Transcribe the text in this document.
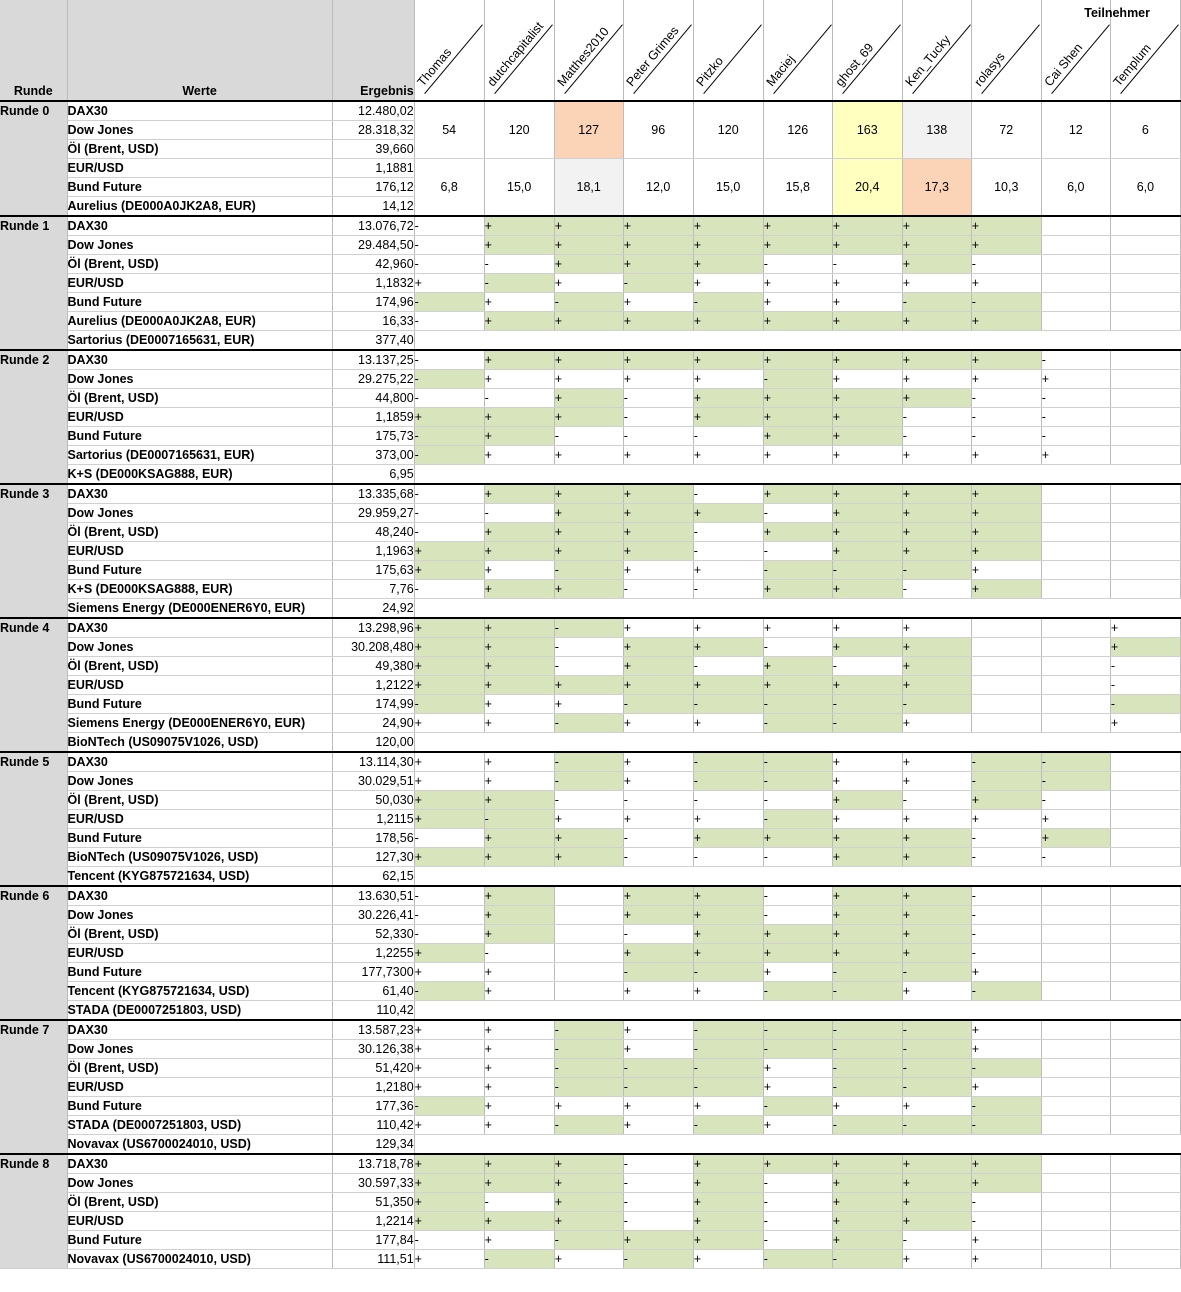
Runde	Werte	Ergebnis	Thomas	dutchcapitalist	Matthes2010	Peter Grimes	Pitzko	Maciej	ghost_69	Ken_Tucky	rolasys	Cai Shen	Templum
Teilnehmer

Runde 0	DAX30	12.480,02	54	120	127	96	120	126	163	138	72	12	6
	Dow Jones	28.318,32											
	Öl (Brent, USD)	39,660											
	EUR/USD	1,1881	6,8	15,0	18,1	12,0	15,0	15,8	20,4	17,3	10,3	6,0	6,0
	Bund Future	176,12											
	Aurelius (DE000A0JK2A8, EUR)	14,12											
Runde 1	DAX30	13.076,72	-	+	+	+	+	+	+	+	+		
	Dow Jones	29.484,50	-	+	+	+	+	+	+	+	+		
	Öl (Brent, USD)	42,960	-	-	+	+	+	-	-	+	-		
	EUR/USD	1,1832	+	-	+	-	+	+	+	+	+		
	Bund Future	174,96	-	+	-	+	-	+	+	-	-		
	Aurelius (DE000A0JK2A8, EUR)	16,33	-	+	+	+	+	+	+	+	+		
	Sartorius (DE0007165631, EUR)	377,40											
Runde 2	DAX30	13.137,25	-	+	+	+	+	+	+	+	+	-	
	Dow Jones	29.275,22	-	+	+	+	+	-	+	+	+	+	
	Öl (Brent, USD)	44,800	-	-	+	-	+	+	+	+	-	-	
	EUR/USD	1,1859	+	+	+	-	+	+	+	-	-	-	
	Bund Future	175,73	-	+	-	-	-	+	+	-	-	-	
	Sartorius (DE0007165631, EUR)	373,00	-	+	+	+	+	+	+	+	+	+	
	K+S (DE000KSAG888, EUR)	6,95											
Runde 3	DAX30	13.335,68	-	+	+	+	-	+	+	+	+		
	Dow Jones	29.959,27	-	-	+	+	+	-	+	+	+		
	Öl (Brent, USD)	48,240	-	+	+	+	-	+	+	+	+		
	EUR/USD	1,1963	+	+	+	+	-	-	+	+	+		
	Bund Future	175,63	+	+	-	+	+	-	-	-	+		
	K+S (DE000KSAG888, EUR)	7,76	-	+	+	-	-	+	+	-	+		
	Siemens Energy (DE000ENER6Y0, EUR)	24,92											
Runde 4	DAX30	13.298,96	+	+	-	+	+	+	+	+			+
	Dow Jones	30.208,480	+	+	-	+	+	-	+	+			+
	Öl (Brent, USD)	49,380	+	+	-	+	-	+	-	+			-
	EUR/USD	1,2122	+	+	+	+	+	+	+	+			-
	Bund Future	174,99	-	+	+	-	-	-	-	-			-
	Siemens Energy (DE000ENER6Y0, EUR)	24,90	+	+	-	+	+	-	-	+			+
	BioNTech (US09075V1026, USD)	120,00											
Runde 5	DAX30	13.114,30	+	+	-	+	-	-	+	+	-	-	
	Dow Jones	30.029,51	+	+	-	+	-	-	+	+	-	-	
	Öl (Brent, USD)	50,030	+	+	-	-	-	-	+	-	+	-	
	EUR/USD	1,2115	+	-	+	+	+	-	+	+	+	+	
	Bund Future	178,56	-	+	+	-	+	+	+	+	-	+	
	BioNTech (US09075V1026, USD)	127,30	+	+	+	-	-	-	+	+	-	-	
	Tencent (KYG875721634, USD)	62,15											
Runde 6	DAX30	13.630,51	-	+		+	+	-	+	+	-		
	Dow Jones	30.226,41	-	+		+	+	-	+	+	-		
	Öl (Brent, USD)	52,330	-	+		-	+	+	+	+	-		
	EUR/USD	1,2255	+	-		+	+	+	+	+	-		
	Bund Future	177,7300	+	+		-	-	+	-	-	+		
	Tencent (KYG875721634, USD)	61,40	-	+		+	+	-	-	+	-		
	STADA (DE0007251803, USD)	110,42											
Runde 7	DAX30	13.587,23	+	+	-	+	-	-	-	-	+		
	Dow Jones	30.126,38	+	+	-	+	-	-	-	-	+		
	Öl (Brent, USD)	51,420	+	+	-	-	-	+	-	-	-		
	EUR/USD	1,2180	+	+	-	-	-	+	-	-	+		
	Bund Future	177,36	-	+	+	+	+	-	+	+	-		
	STADA (DE0007251803, USD)	110,42	+	+	-	+	-	+	-	-	-		
	Novavax (US6700024010, USD)	129,34											
Runde 8	DAX30	13.718,78	+	+	+	-	+	+	+	+	+		
	Dow Jones	30.597,33	+	+	+	-	+	-	+	+	+		
	Öl (Brent, USD)	51,350	+	-	+	-	+	-	+	+	-		
	EUR/USD	1,2214	+	+	+	-	+	-	+	+	-		
	Bund Future	177,84	-	+	-	+	+	-	+	-	+		
	Novavax (US6700024010, USD)	111,51	+	-	+	-	+	-	-	+	+		
